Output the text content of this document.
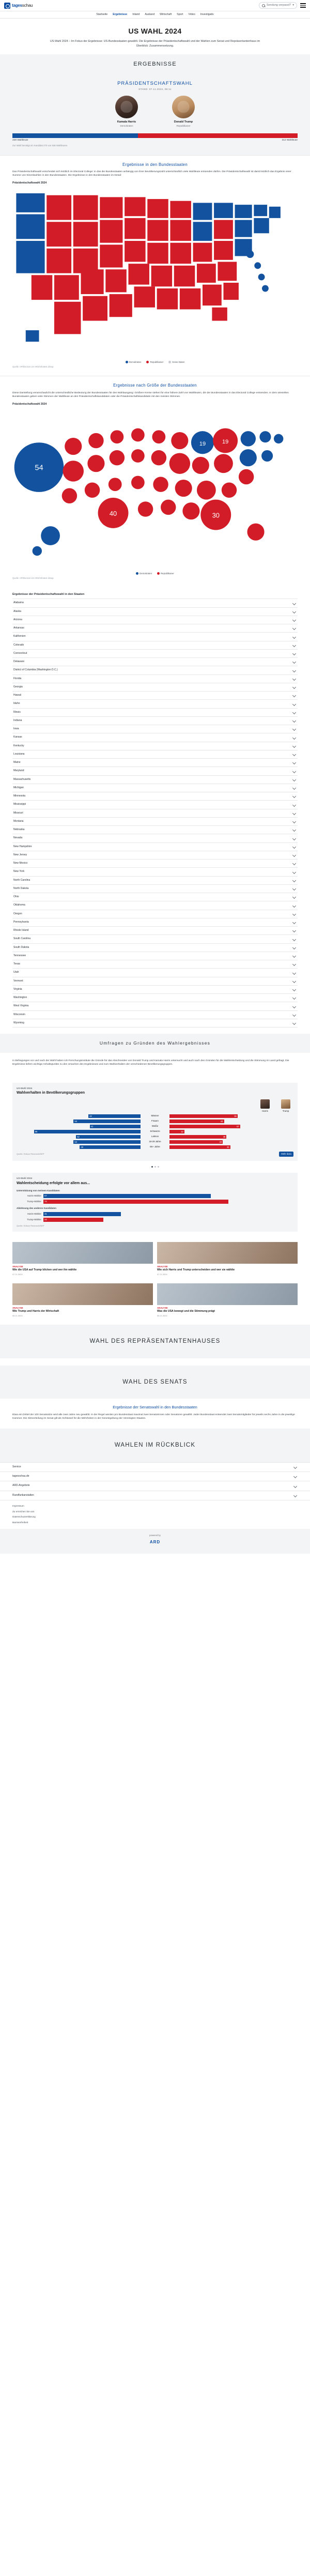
tagesschau	Sendung verpasst? ▾
Startseite Ergebnisse Inland Ausland Wirtschaft Sport Video Investigativ
US WAHL 2024
US-Wahl 2024 – Im Fokus der Ergebnisse: US-Bundesstaaten gewählt. Die Ergebnisse der Präsidentschaftswahl und der Wahlen zum Senat und Repräsentantenhaus im Überblick: Zusammensetzung.
ERGEBNISSE
PRÄSIDENTSCHAFTSWAHL
STAND: 07.11.2024, 08:11
Kamala Harris
Demokraten
Donald Trump
Republikaner
226 Wahlleute	312 Wahlleute
Zur Wahl benötigt ein Kandidat 270 von 538 Wahlleuten.
Ergebnisse in den Bundesstaaten

Das Präsidentschaftswahl entscheidet sich letztlich im Electoral College: In das die Bundesstaaten anhängig von ihrer Bevölkerungszahl unterschiedlich viele Wahlleute entsenden dürfen. Die Präsidentschaftswahl ist damit letztlich das Ergebnis einer Summe von Einzelwahlen in den Bundesstaaten. Die Ergebnisse in den Bundesstaaten im Detail:

Präsidentschaftswahl 2024
Demokraten	Republikaner	Keine Daten
Quelle: AP/Election US ARD/Infratest dimap
Ergebnisse nach Größe der Bundesstaaten

Diese Darstellung veranschaulicht die unterschiedliche Bedeutung der Bundesstaaten für den Wahlausgang: Größere Kreise stehen für eine höhere Zahl von Wahlleuten, die der Bundesstaaten in das Electoral College entsenden. In dem wievielten Bundesstaaten geben viele Stimmen der Wahlleute an den Präsidentschaftskandidaten oder die Präsidentschaftskandidatin mit den meisten Stimmen.

Präsidentschaftswahl 2024
54
19	19
40	30
Demokraten	Republikaner
Quelle: AP/Election US ARD/Infratest dimap
Ergebnisse der Präsidentschaftswahl in den Staaten
Alabama
Alaska
Arizona
Arkansas
Kalifornien
Colorado
Connecticut
Delaware
District of Columbia (Washington D.C.)
Florida
Georgia
Hawaii
Idaho
Illinois
Indiana
Iowa
Kansas
Kentucky
Louisiana
Maine
Maryland
Massachusetts
Michigan
Minnesota
Mississippi
Missouri
Montana
Nebraska
Nevada
New Hampshire
New Jersey
New Mexico
New York
North Carolina
North Dakota
Ohio
Oklahoma
Oregon
Pennsylvania
Rhode Island
South Carolina
South Dakota
Tennessee
Texas
Utah
Vermont
Virginia
Washington
West Virginia
Wisconsin
Wyoming
Umfragen zu Gründen des Wahlergebnisses

In Befragungen vor und nach der Wahl haben US-Forschungsinstitute die Gründe für das Abschneiden von Donald Trump und Kamala Harris untersucht und auch nach den Gründen für die Wahlentscheidung und die Stimmung im Land gefragt. Die Ergebnisse liefern wichtige Anhaltspunkte zu den Ursachen des Ergebnisses und zum Wahlverhalten der verschiedenen Bevölkerungsgruppen.

US-Wahl 2024
Wahlverhalten in Bevölkerungsgruppen
Harris	Trump
42	Männer	55
54	Frauen	44
41	Weiße	57
86	Schwarze	12
52	Latinos	46
54	18-29 Jahre	43
49	65+ Jahre	49
Quelle: Edison Research/NEP	Mehr dazu
US-Wahl 2024
Wahlentscheidung erfolgte vor allem aus...
Unterstützung von meinem Kandidaten
Harris-Wähler 67
Trump-Wähler 74
Ablehnung des anderen Kandidaten
Harris-Wähler 31
Trump-Wähler 24
Quelle: Edison Research/NEP
ANALYSE
Wie die USA auf Trump blicken und wer ihn wählte
07.11.2024
ANALYSE
Wie sich Harris und Trump unterscheiden und wer sie wählte
07.11.2024
ANALYSE
Wie Trump und Harris der Wirtschaft
06.11.2024
ANALYSE
Was die USA bewegt und die Stimmung prägt
06.11.2024
WAHL DES REPRÄSENTANTENHAUSES
WAHL DES SENATS
Ergebnisse der Senatswahl in den Bundesstaaten

Etwa ein Drittel der 100 Senatssitze wird alle zwei Jahre neu gewählt. In der Regel werden pro Bundesstaat maximal zwei Senatorinnen oder Senatoren gewählt. Jeder Bundesstaat entsendet zwei Senatsmitglieder für jeweils sechs Jahre in die jeweilige Kammer. Die Sitzverteilung im Senat gilt als Schlüssel für die Mehrheiten in der Gesetzgebung der Vereinigten Staaten.

WAHLEN IM RÜCKBLICK
Service
tagesschau.de
ARD-Angebote
Rundfunkanstalten
Impressum
Zu erreichen Sie uns
Datenschutzerklärung
Barrierefreiheit
powered by
ARD
